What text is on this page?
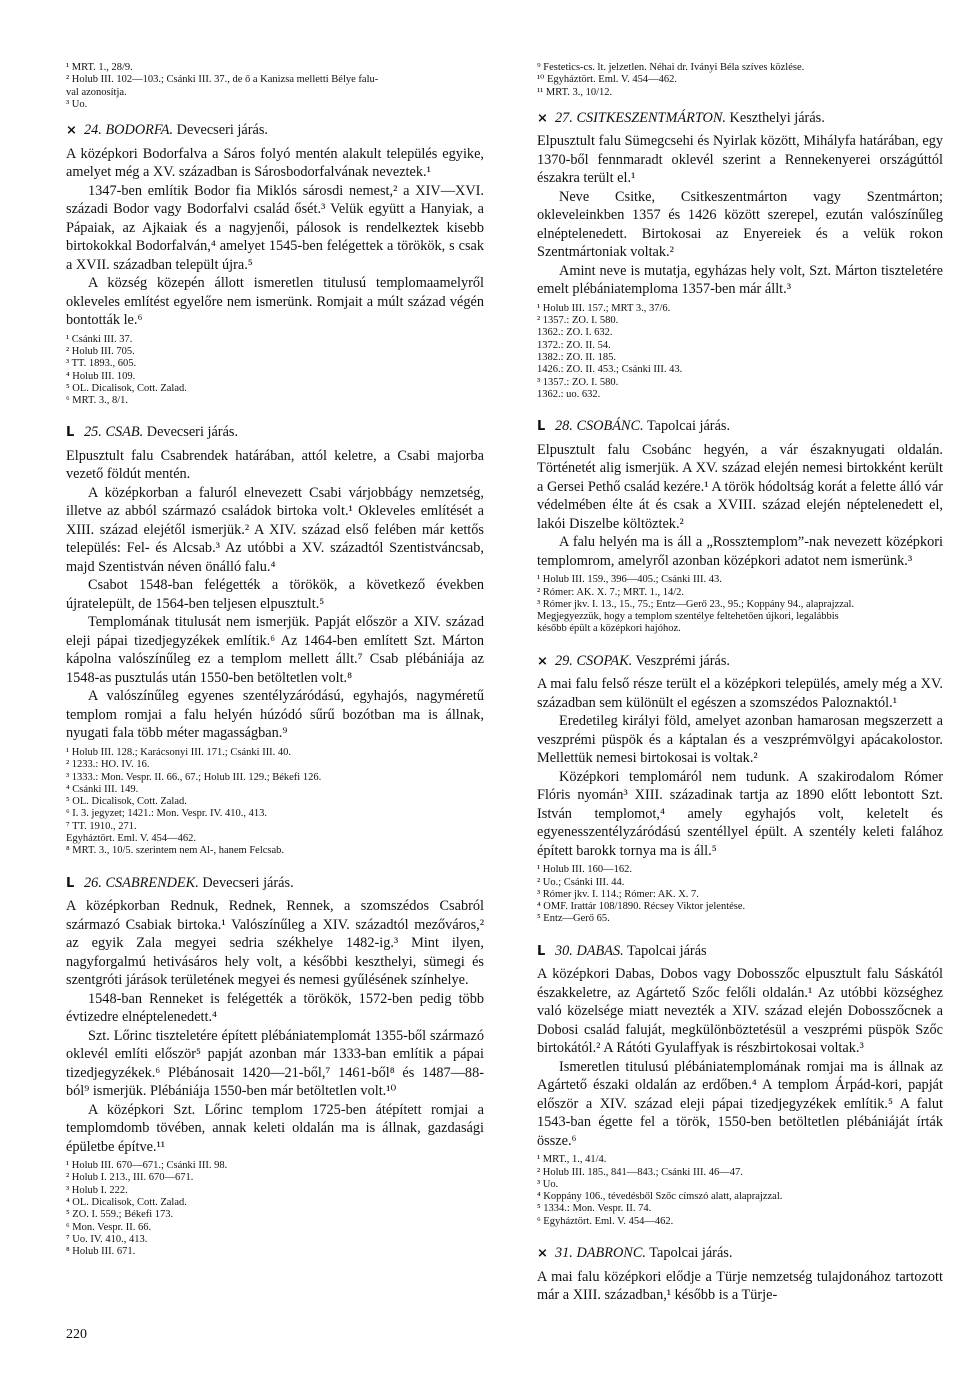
¹ MRT. 1., 28/9.

² Holub III. 102—103.; Csánki III. 37., de ő a Kanizsa melletti Bélye falu-

val azonosítja.

³ Uo.

⨯ 24. BODORFA. Devecseri járás.

A középkori Bodorfalva a Sáros folyó mentén alakult település egyike, amelyet még a XV. században is Sárosbodorfalvának neveztek.¹

1347-ben említik Bodor fia Miklós sárosdi nemest,² a XIV—XVI. századi Bodor vagy Bodorfalvi család ősét.³ Velük együtt a Hanyiak, a Pápaiak, az Ajkaiak és a nagyjenői, pálosok is rendelkeztek kisebb birtokokkal Bodorfalván,⁴ amelyet 1545-ben felégettek a törökök, s csak a XVII. században települt újra.⁵

A község közepén állott ismeretlen titulusú templomaamelyről okleveles említést egyelőre nem ismerünk. Romjait a múlt század végén bontották le.⁶

¹ Csánki III. 37.

² Holub III. 705.

³ TT. 1893., 605.

⁴ Holub III. 109.

⁵ OL. Dicalisok, Cott. Zalad.

⁶ MRT. 3., 8/1.

L 25. CSAB. Devecseri járás.

Elpusztult falu Csabrendek határában, attól keletre, a Csabi majorba vezető földút mentén.

A középkorban a faluról elnevezett Csabi várjobbágy nemzetség, illetve az abból származó családok birtoka volt.¹ Okleveles említését a XIII. század elejétől ismerjük.² A XIV. század első felében már kettős település: Fel- és Alcsab.³ Az utóbbi a XV. századtól Szentistváncsab, majd Szentistván néven önálló falu.⁴

Csabot 1548-ban felégették a törökök, a következő években újratelepült, de 1564-ben teljesen elpusztult.⁵

Templomának titulusát nem ismerjük. Papját először a XIV. század eleji pápai tizedjegyzékek említik.⁶ Az 1464-ben említett Szt. Márton kápolna valószínűleg ez a templom mellett állt.⁷ Csab plébániája az 1548-as pusztulás után 1550-ben betöltetlen volt.⁸

A valószínűleg egyenes szentélyzáródású, egyhajós, nagyméretű templom romjai a falu helyén húzódó sűrű bozótban ma is állnak, nyugati fala több méter magasságban.⁹

¹ Holub III. 128.; Karácsonyi III. 171.; Csánki III. 40.

² 1233.: HO. IV. 16.

³ 1333.: Mon. Vespr. II. 66., 67.; Holub III. 129.; Békefi 126.

⁴ Csánki III. 149.

⁵ OL. Dicalisok, Cott. Zalad.

⁶ I. 3. jegyzet; 1421.: Mon. Vespr. IV. 410., 413.

⁷ TT. 1910., 271.

Egyháztört. Eml. V. 454—462.

⁸ MRT. 3., 10/5. szerintem nem Al-, hanem Felcsab.

L 26. CSABRENDEK. Devecseri járás.

A középkorban Rednuk, Rednek, Rennek, a szomszédos Csabról származó Csabiak birtoka.¹ Valószínűleg a XIV. századtól mezőváros,² az egyik Zala megyei sedria székhelye 1482-ig.³ Mint ilyen, nagyforgalmú hetivásáros hely volt, a későbbi keszthelyi, sümegi és szentgróti járások területének megyei és nemesi gyűlésének színhelye.

1548-ban Renneket is felégették a törökök, 1572-ben pedig több évtizedre elnéptelenedett.⁴

Szt. Lőrinc tiszteletére épített plébániatemplomát 1355-ből származó oklevél említi először⁵ papját azonban már 1333-ban említik a pápai tizedjegyzékek.⁶ Plébánosait 1420—21-ből,⁷ 1461-ből⁸ és 1487—88-ból⁹ ismerjük. Plébániája 1550-ben már betöltetlen volt.¹⁰

A középkori Szt. Lőrinc templom 1725-ben átépített romjai a templomdomb tövében, annak keleti oldalán ma is állnak, gazdasági épületbe építve.¹¹

¹ Holub III. 670—671.; Csánki III. 98.

² Holub I. 213., III. 670—671.

³ Holub I. 222.

⁴ OL. Dicalisok, Cott. Zalad.

⁵ ZO. I. 559.; Békefi 173.

⁶ Mon. Vespr. II. 66.

⁷ Uo. IV. 410., 413.

⁸ Holub III. 671.

⁹ Festetics-cs. lt. jelzetlen. Néhai dr. Iványi Béla szíves közlése.

¹⁰ Egyháztört. Eml. V. 454—462.

¹¹ MRT. 3., 10/12.

⨯ 27. CSITKESZENTMÁRTON. Keszthelyi járás.

Elpusztult falu Sümegcsehi és Nyirlak között, Mihályfa határában, egy 1370-ből fennmaradt oklevél szerint a Rennekenyerei országúttól északra terült el.¹

Neve Csitke, Csitkeszentmárton vagy Szentmárton; okleveleinkben 1357 és 1426 között szerepel, ezután valószínűleg elnéptelenedett. Birtokosai az Enyereiek és a velük rokon Szentmártoniak voltak.²

Amint neve is mutatja, egyházas hely volt, Szt. Márton tiszteletére emelt plébániatemploma 1357-ben már állt.³

¹ Holub III. 157.; MRT 3., 37/6.

² 1357.: ZO. I. 580.

1362.: ZO. I. 632.

1372.: ZO. II. 54.

1382.: ZO. II. 185.

1426.: ZO. II. 453.; Csánki III. 43.

³ 1357.: ZO. I. 580.

1362.: uo. 632.

L 28. CSOBÁNC. Tapolcai járás.

Elpusztult falu Csobánc hegyén, a vár északnyugati oldalán. Történetét alig ismerjük. A XV. század elején nemesi birtokként került a Gersei Pethő család kezére.¹ A török hódoltság korát a felette álló vár védelmében élte át és csak a XVIII. század elején néptelenedett el, lakói Diszelbe költöztek.²

A falu helyén ma is áll a „Rossztemplom”-nak nevezett középkori templomrom, amelyről azonban középkori adatot nem ismerünk.³

¹ Holub III. 159., 396—405.; Csánki III. 43.

² Rómer: AK. X. 7.; MRT. 1., 14/2.

³ Rómer jkv. I. 13., 15., 75.; Entz—Gerő 23., 95.; Koppány 94., alaprajzzal.

Megjegyezzük, hogy a templom szentélye feltehetően újkori, legalábbis

később épült a középkori hajóhoz.

⨯ 29. CSOPAK. Veszprémi járás.

A mai falu felső része terült el a középkori település, amely még a XV. században sem különült el egészen a szomszédos Paloznaktól.¹

Eredetileg királyi föld, amelyet azonban hamarosan megszerzett a veszprémi püspök és a káptalan és a veszprémvölgyi apácakolostor. Mellettük nemesi birtokosai is voltak.²

Középkori templomáról nem tudunk. A szakirodalom Rómer Flóris nyomán³ XIII. századinak tartja az 1890 előtt lebontott Szt. István templomot,⁴ amely egyhajós volt, keletelt és egyenesszentélyzáródású szentéllyel épült. A szentély keleti falához épített barokk tornya ma is áll.⁵

¹ Holub III. 160—162.

² Uo.; Csánki III. 44.

³ Rómer jkv. I. 114.; Rómer: AK. X. 7.

⁴ OMF. Irattár 108/1890. Récsey Viktor jelentése.

⁵ Entz—Gerő 65.

L 30. DABAS. Tapolcai járás

A középkori Dabas, Dobos vagy Dobosszőc elpusztult falu Sáskától északkeletre, az Agártető Szőc felőli oldalán.¹ Az utóbbi községhez való közelsége miatt nevezték a XIV. század elején Dobosszőcnek a Dobosi család faluját, megkülönböztetésül a veszprémi püspök Szőc birtokától.² A Rátóti Gyulaffyak is részbirtokosai voltak.³

Ismeretlen titulusú plébániatemplomának romjai ma is állnak az Agártető északi oldalán az erdőben.⁴ A templom Árpád-kori, papját először a XIV. század eleji pápai tizedjegyzékek említik.⁵ A falut 1543-ban égette fel a török, 1550-ben betöltetlen plébániáját írták össze.⁶

¹ MRT., 1., 41/4.

² Holub III. 185., 841—843.; Csánki III. 46—47.

³ Uo.

⁴ Koppány 106., tévedésből Szőc címszó alatt, alaprajzzal.

⁵ 1334.: Mon. Vespr. II. 74.

⁶ Egyháztört. Eml. V. 454—462.

⨯ 31. DABRONC. Tapolcai járás.

A mai falu középkori elődje a Türje nemzetség tulajdonához tartozott már a XIII. században,¹ később is a Türje-

220
